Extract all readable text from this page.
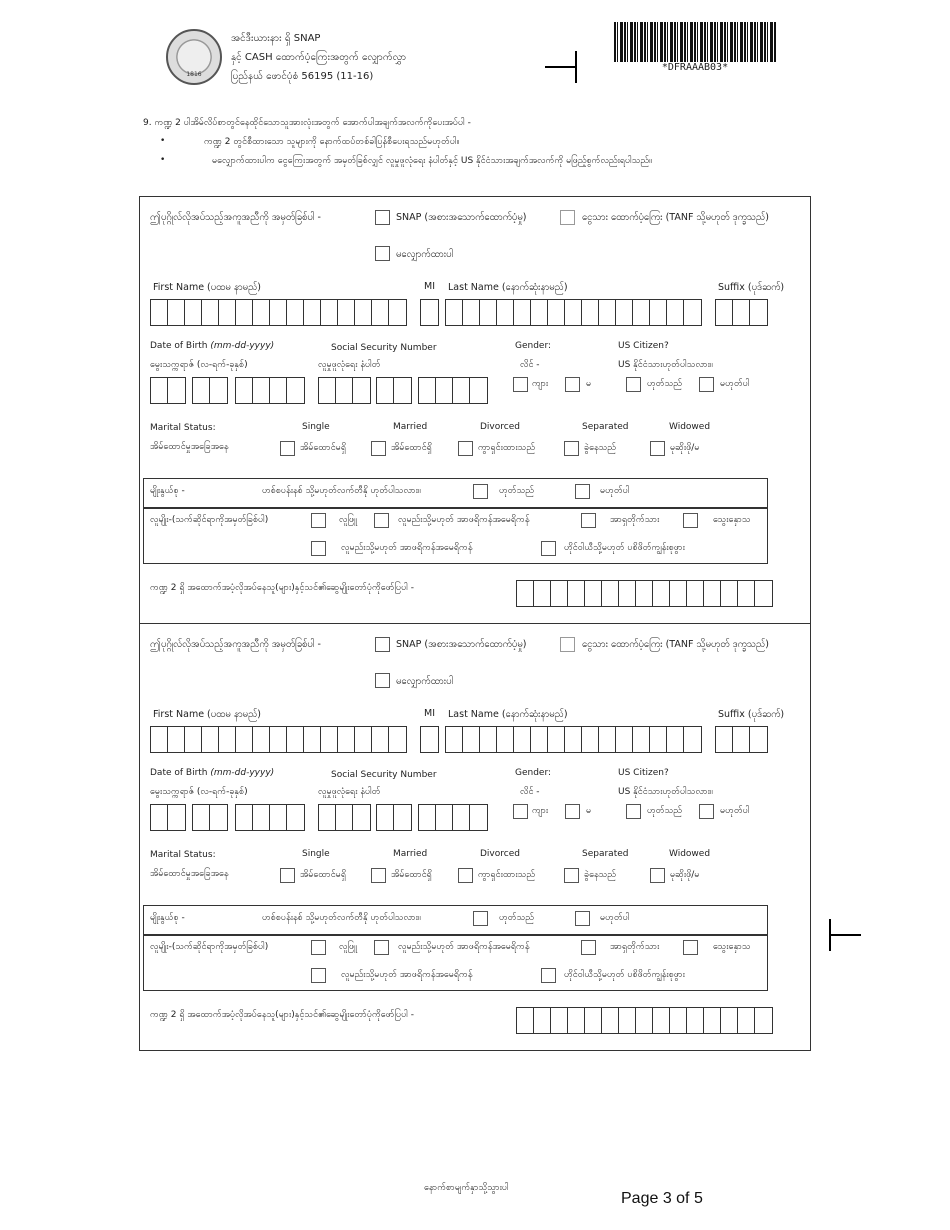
1816
အင်ဒီးယားနား ရှိ SNAP
နှင့် CASH ထောက်ပံ့ကြေးအတွက် လျှောက်လွှာ
ပြည်နယ် ဖောင်ပုံစံ 56195 (11-16)
*DFRAAAB03*
9. ကဏ္ဍ 2 ပါအိမ်လိပ်စာတွင်နေထိုင်သောသူအားလုံးအတွက် အောက်ပါအချက်အလက်ကိုပေးအပ်ပါ -
•	ကဏ္ဍ 2 တွင်စီထားသော သူများကို နောက်ထပ်တစ်ခါပြန်စီပေးရသည်မဟုတ်ပါ။
•	မလျှောက်ထားပါက ငွေကြေးအတွက် အမှတ်ခြစ်လျှင် လူမှုဖူလုံရေး နံပါတ်နှင့် US နိုင်ငံသားအချက်အလက်ကို မဖြည့်စွက်လည်းရပါသည်။
ဤပုဂ္ဂိုလ်လိုအပ်သည့်အကူအညီကို အမှတ်ခြစ်ပါ -	SNAP (အစားအသောက်ထောက်ပံ့မှု)	ငွေသား ထောက်ပံ့ကြေး (TANF သို့မဟုတ် ဒုက္ခသည်)
မလျှောက်ထားပါ
First Name (ပထမ နာမည်)	MI Last Name (နောက်ဆုံးနာမည်)	Suffix (ပုဒ်ဆက်)
Date of Birth (mm-dd-yyyy)
မွေးသက္ကရာဇ် (လ-ရက်-ခုနှစ်)
Social Security Number
လူမှုဖူလုံရေး နံပါတ်
Gender:
လိင် -
US Citizen?
US နိုင်ငံသားဟုတ်ပါသလား။
ကျား	မ	ဟုတ်သည်	မဟုတ်ပါ
Marital Status:
အိမ်ထောင်မှုအခြေအနေ
Single	Married	Divorced	Separated	Widowed
အိမ်ထောင်မရှိ	အိမ်ထောင်ရှိ	ကွာရှင်းထားသည်	ခွဲနေသည်	မုဆိုးဖို/မ
မျိုးနွယ်စု -	ဟစ်စပန်းနစ် သို့မဟုတ်လက်တီနို ဟုတ်ပါသလား။	ဟုတ်သည်	မဟုတ်ပါ
လူမျိုး-(သက်ဆိုင်ရာကိုအမှတ်ခြစ်ပါ)	လူဖြူ	လူမည်းသို့မဟုတ် အာဖရိကန်အမေရိကန်	အာရှတိုက်သား	သွေးနှောသ
လူမည်းသို့မဟုတ် အာဖရိကန်အမေရိကန်	ဟိုင်ဝါယီသို့မဟုတ် ပစိဖိတ်ကျွန်းစုဖွား
ကဏ္ဍ 2 ရှိ အထောက်အပံ့လိုအပ်နေသူ(များ)နှင့်သင်၏ဆွေမျိုးတော်ပုံကိုဖော်ပြပါ -
ဤပုဂ္ဂိုလ်လိုအပ်သည့်အကူအညီကို အမှတ်ခြစ်ပါ -	SNAP (အစားအသောက်ထောက်ပံ့မှု)	ငွေသား ထောက်ပံ့ကြေး (TANF သို့မဟုတ် ဒုက္ခသည်)
မလျှောက်ထားပါ
First Name (ပထမ နာမည်)	MI Last Name (နောက်ဆုံးနာမည်)	Suffix (ပုဒ်ဆက်)
Date of Birth (mm-dd-yyyy)
မွေးသက္ကရာဇ် (လ-ရက်-ခုနှစ်)
Social Security Number
လူမှုဖူလုံရေး နံပါတ်
Gender:
လိင် -
US Citizen?
US နိုင်ငံသားဟုတ်ပါသလား။
ကျား	မ	ဟုတ်သည်	မဟုတ်ပါ
Marital Status:
အိမ်ထောင်မှုအခြေအနေ
Single	Married	Divorced	Separated	Widowed
အိမ်ထောင်မရှိ	အိမ်ထောင်ရှိ	ကွာရှင်းထားသည်	ခွဲနေသည်	မုဆိုးဖို/မ
မျိုးနွယ်စု -	ဟစ်စပန်းနစ် သို့မဟုတ်လက်တီနို ဟုတ်ပါသလား။	ဟုတ်သည်	မဟုတ်ပါ
လူမျိုး-(သက်ဆိုင်ရာကိုအမှတ်ခြစ်ပါ)	လူဖြူ	လူမည်းသို့မဟုတ် အာဖရိကန်အမေရိကန်	အာရှတိုက်သား	သွေးနှောသ
လူမည်းသို့မဟုတ် အာဖရိကန်အမေရိကန်	ဟိုင်ဝါယီသို့မဟုတ် ပစိဖိတ်ကျွန်းစုဖွား
ကဏ္ဍ 2 ရှိ အထောက်အပံ့လိုအပ်နေသူ(များ)နှင့်သင်၏ဆွေမျိုးတော်ပုံကိုဖော်ပြပါ -
နောက်စာမျက်နှာသို့သွားပါ
Page 3 of 5
